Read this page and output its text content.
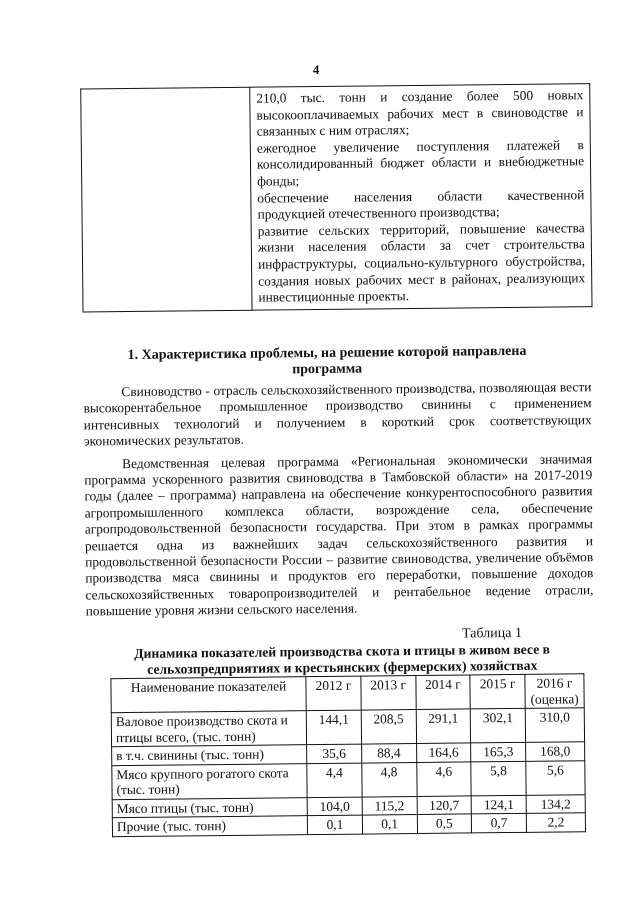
4

210,0 тыс. тонн и создание более 500 новых высокооплачиваемых рабочих мест в свиноводстве и связанных с ним отраслях;
ежегодное увеличение поступления платежей в консолидированный бюджет области и внебюджетные фонды;
обеспечение населения области качественной продукцией отечественного производства;
развитие сельских территорий, повышение качества жизни населения области за счет строительства инфраструктуры, социально-культурного обустройства, создания новых рабочих мест в районах, реализующих инвестиционные проекты.
1. Характеристика проблемы, на решение которой направлена программа

Свиноводство - отрасль сельскохозяйственного производства, позволяющая вести высокорентабельное промышленное производство свинины с применением интенсивных технологий и получением в короткий срок соответствующих экономических результатов.

Ведомственная целевая программа «Региональная экономически значимая программа ускоренного развития свиноводства в Тамбовской области» на 2017-2019 годы (далее – программа) направлена на обеспечение конкурентоспособного развития агропромышленного комплекса области, возрождение села, обеспечение агропродовольственной безопасности государства. При этом в рамках программы решается одна из важнейших задач сельскохозяйственного развития и продовольственной безопасности России – развитие свиноводства, увеличение объёмов производства мяса свинины и продуктов его переработки, повышение доходов сельскохозяйственных товаропроизводителей и рентабельное ведение отрасли, повышение уровня жизни сельского населения.

Таблица 1
Динамика показателей производства скота и птицы в живом весе в сельхозпредприятиях и крестьянских (фермерских) хозяйствах
Наименование показателей	2012 г	2013 г	2014 г	2015 г	2016 г (оценка)
Валовое производство скота и птицы всего, (тыс. тонн)	144,1	208,5	291,1	302,1	310,0
в т.ч. свинины (тыс. тонн)	35,6	88,4	164,6	165,3	168,0
Мясо крупного рогатого скота (тыс. тонн)	4,4	4,8	4,6	5,8	5,6
Мясо птицы (тыс. тонн)	104,0	115,2	120,7	124,1	134,2
Прочие (тыс. тонн)	0,1	0,1	0,5	0,7	2,2
